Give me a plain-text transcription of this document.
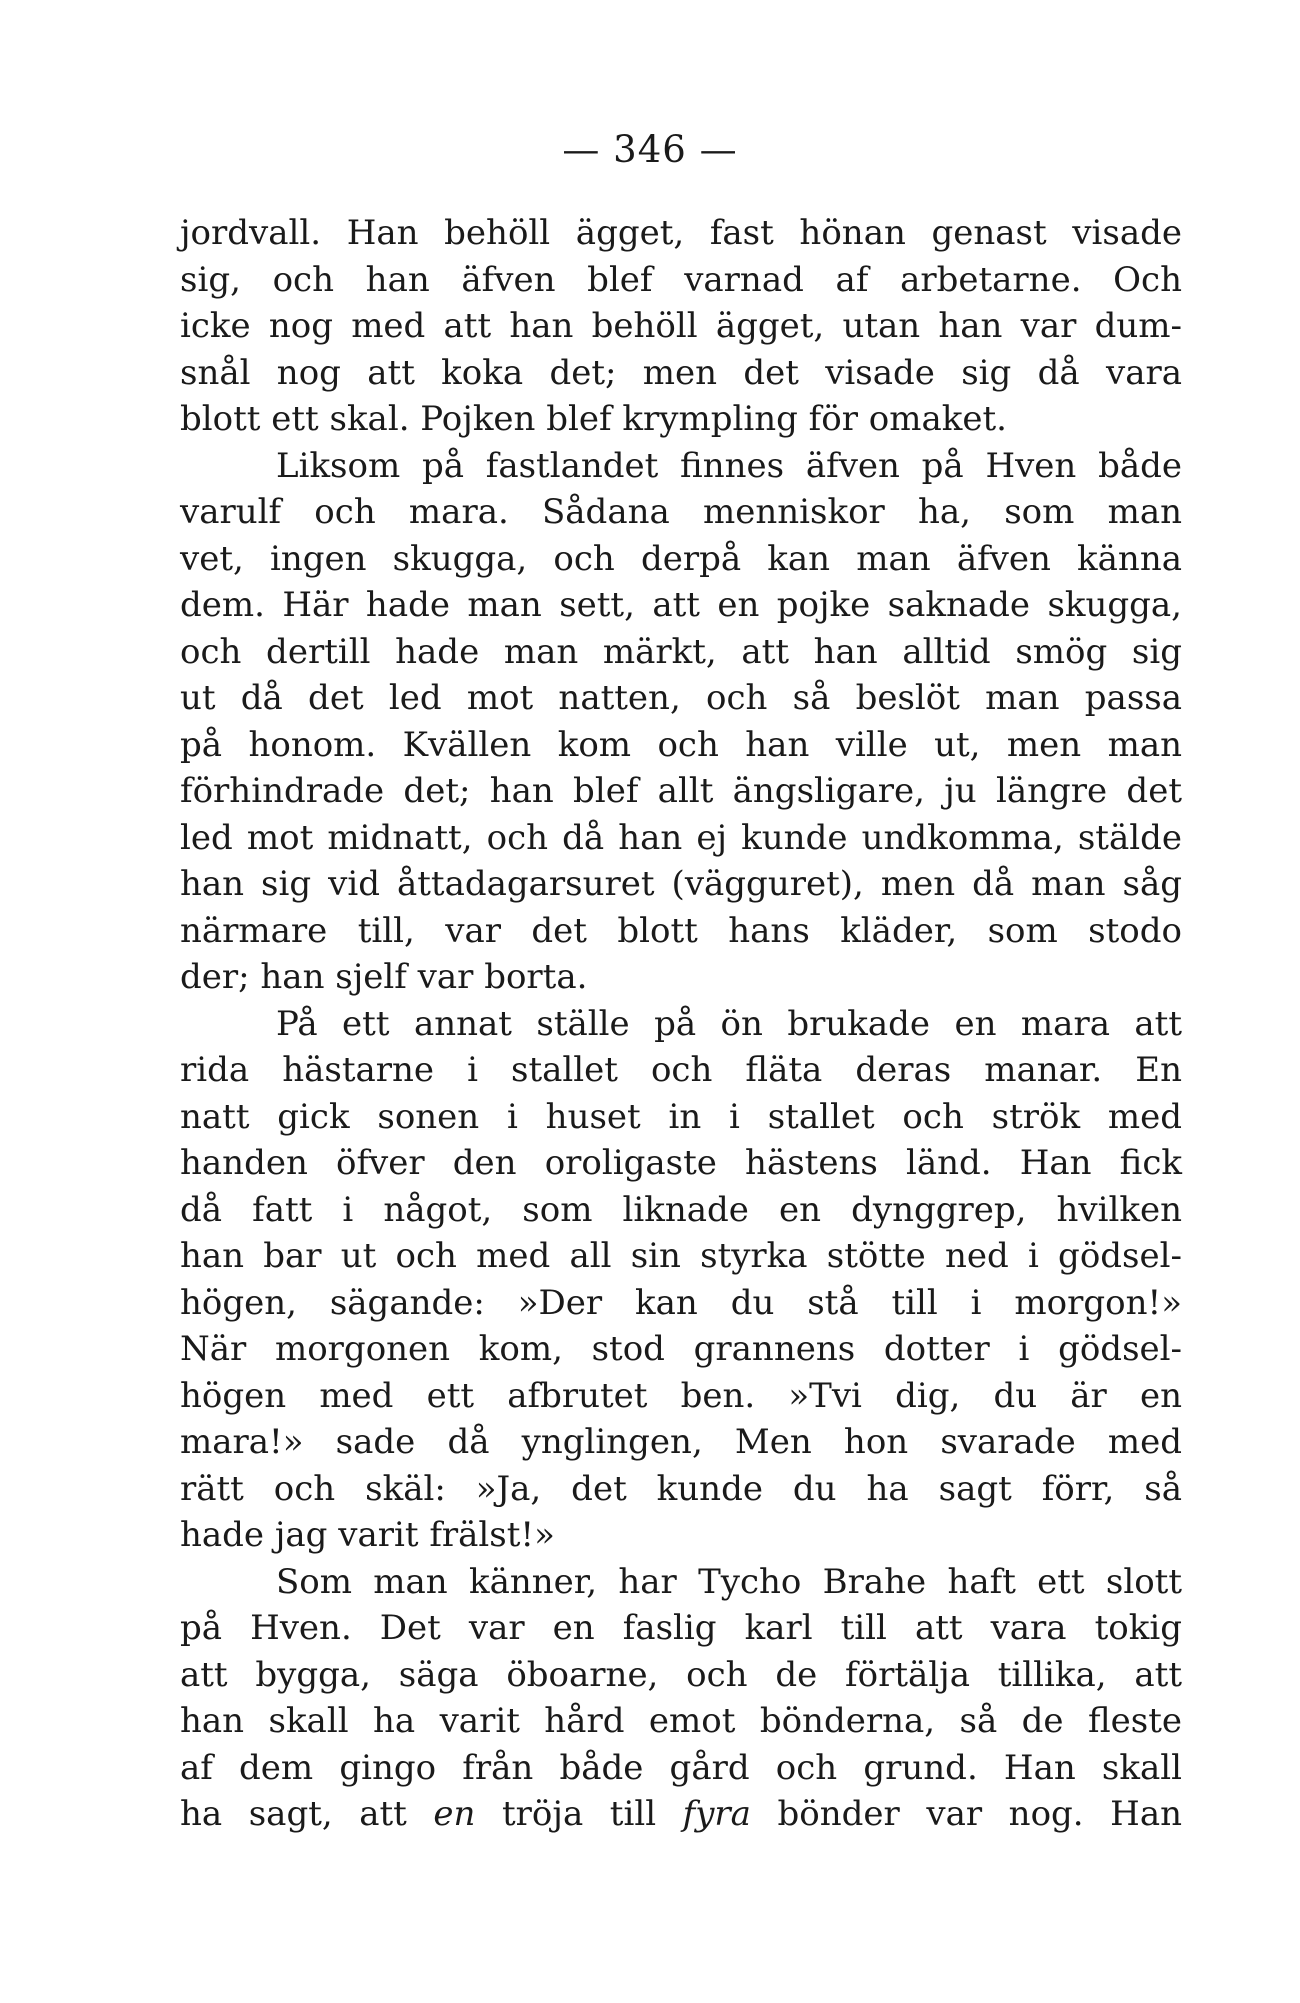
— 346 —
jordvall. Han behöll ägget, fast hönan genast visade
sig, och han äfven blef varnad af arbetarne. Och
icke nog med att han behöll ägget, utan han var dum-
snål nog att koka det; men det visade sig då vara
blott ett skal. Pojken blef krympling för omaket.
Liksom på fastlandet finnes äfven på Hven både
varulf och mara. Sådana menniskor ha, som man
vet, ingen skugga, och derpå kan man äfven känna
dem. Här hade man sett, att en pojke saknade skugga,
och dertill hade man märkt, att han alltid smög sig
ut då det led mot natten, och så beslöt man passa
på honom. Kvällen kom och han ville ut, men man
förhindrade det; han blef allt ängsligare, ju längre det
led mot midnatt, och då han ej kunde undkomma, stälde
han sig vid åttadagarsuret (vägguret), men då man såg
närmare till, var det blott hans kläder, som stodo
der; han sjelf var borta.
På ett annat ställe på ön brukade en mara att
rida hästarne i stallet och fläta deras manar. En
natt gick sonen i huset in i stallet och strök med
handen öfver den oroligaste hästens länd. Han fick
då fatt i något, som liknade en dynggrep, hvilken
han bar ut och med all sin styrka stötte ned i gödsel-
högen, sägande: »Der kan du stå till i morgon!»
När morgonen kom, stod grannens dotter i gödsel-
högen med ett afbrutet ben. »Tvi dig, du är en
mara!» sade då ynglingen, Men hon svarade med
rätt och skäl: »Ja, det kunde du ha sagt förr, så
hade jag varit frälst!»
Som man känner, har Tycho Brahe haft ett slott
på Hven. Det var en faslig karl till att vara tokig
att bygga, säga öboarne, och de förtälja tillika, att
han skall ha varit hård emot bönderna, så de fleste
af dem gingo från både gård och grund. Han skall
ha sagt, att en tröja till fyra bönder var nog. Han
